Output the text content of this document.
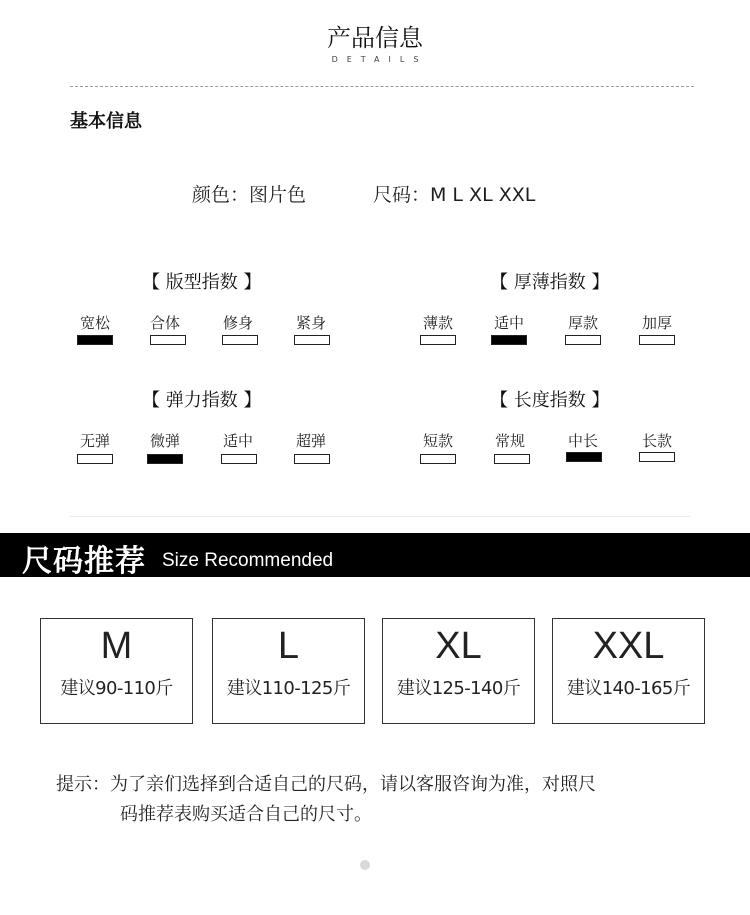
产品信息
DETAILS
基本信息
颜色：图片色	尺码：M L XL XXL
【 版型指数 】
宽松	合体	修身	紧身
【 厚薄指数 】
薄款	适中	厚款	加厚
【 弹力指数 】
无弹	微弹	适中	超弹
【 长度指数 】
短款	常规	中长	长款
尺码推荐 Size Recommended
M
建议90-110斤
L
建议110-125斤
XL
建议125-140斤
XXL
建议140-165斤
提示：为了亲们选择到合适自己的尺码，请以客服咨询为准，对照尺
码推荐表购买适合自己的尺寸。
